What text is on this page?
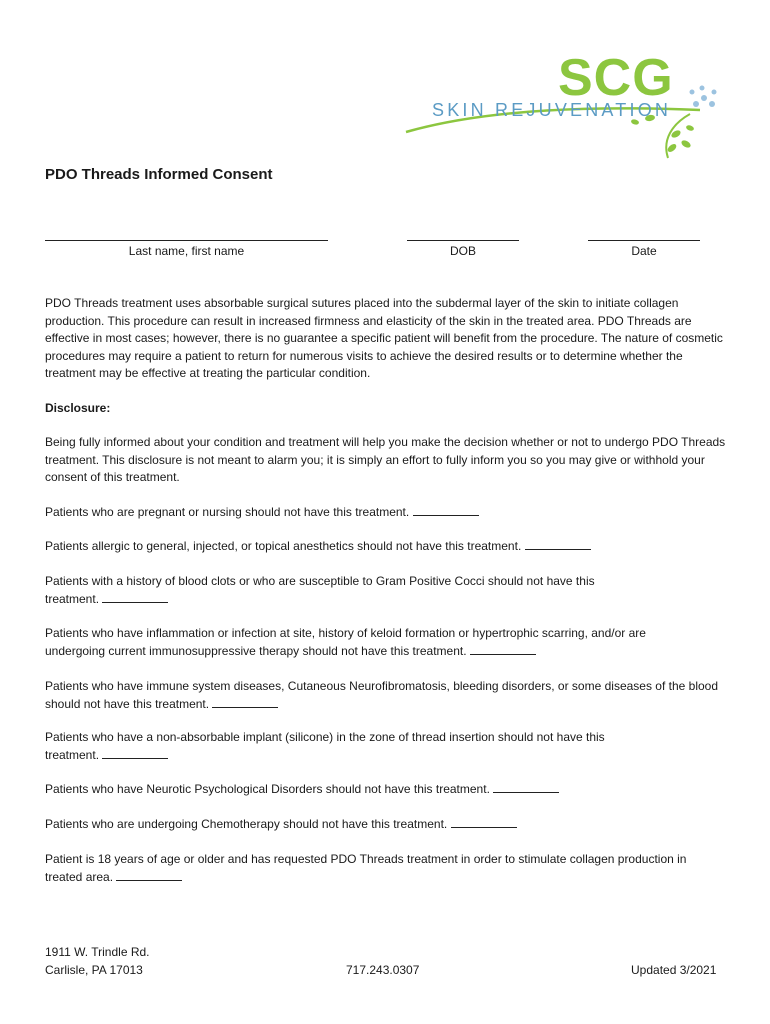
SCG
SKIN REJUVENATION
PDO Threads Informed Consent
Last name, first name	DOB	Date

PDO Threads treatment uses absorbable surgical sutures placed into the subdermal layer of the skin to initiate collagen production. This procedure can result in increased firmness and elasticity of the skin in the treated area. PDO Threads are effective in most cases; however, there is no guarantee a specific patient will benefit from the procedure. The nature of cosmetic procedures may require a patient to return for numerous visits to achieve the desired results or to determine whether the treatment may be effective at treating the particular condition.

Disclosure:

Being fully informed about your condition and treatment will help you make the decision whether or not to undergo PDO Threads treatment. This disclosure is not meant to alarm you; it is simply an effort to fully inform you so you may give or withhold your consent of this treatment.

Patients who are pregnant or nursing should not have this treatment.

Patients allergic to general, injected, or topical anesthetics should not have this treatment.

Patients with a history of blood clots or who are susceptible to Gram Positive Cocci should not have this treatment.

Patients who have inflammation or infection at site, history of keloid formation or hypertrophic scarring, and/or are undergoing current immunosuppressive therapy should not have this treatment.

Patients who have immune system diseases, Cutaneous Neurofibromatosis, bleeding disorders, or some diseases of the blood should not have this treatment.

Patients who have a non-absorbable implant (silicone) in the zone of thread insertion should not have this treatment.

Patients who have Neurotic Psychological Disorders should not have this treatment.

Patients who are undergoing Chemotherapy should not have this treatment.

Patient is 18 years of age or older and has requested PDO Threads treatment in order to stimulate collagen production in treated area.

1911 W. Trindle Rd.
Carlisle, PA 17013	717.243.0307	Updated 3/2021
